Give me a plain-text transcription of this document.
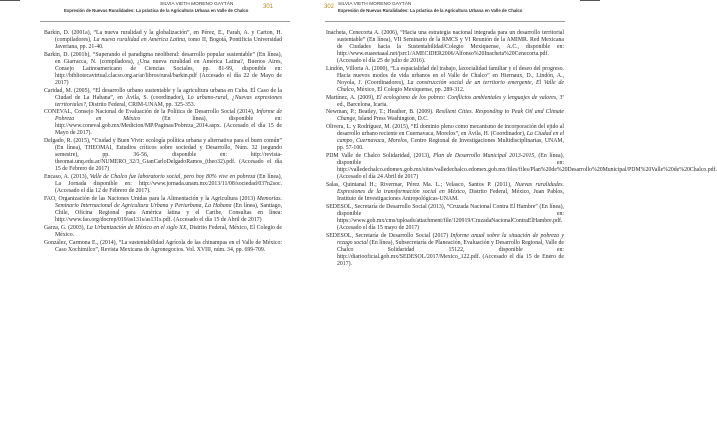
SILVIA VIETH MORENO GAYTÁN
Expresión de Nuevas Ruralidades: La práctica de la Agricultura Urbana en Valle de Chalco
301	302 SILVIA VIETH MORENO GAYTÁN
Expresión de Nuevas Ruralidades: La práctica de la Agricultura Urbana en Valle de Chalco
Barkin, D. (2001a), “La nueva ruralidad y la globalización”, en Pérez, E., Farah, A. y Carton, H. (compiladores), La nueva ruralidad en América Latina, tomo II, Bogotá, Pontificia Universidad Javeriana, pp. 21-40.
Barkin, D. (2001b), “Superando el paradigma neoliberal: desarrollo popular sustentable” (En línea), en Giarracca, N. (compiladora), ¿Una nueva ruralidad en América Latina?, Buenos Aires, Consejo Latinoamericano de Ciencias Sociales, pp. 81-99, disponible en: http://bibliotecavirtual.clacso.org.ar/ar/libros/rural/barkin.pdf (Accesado el día 22 de Mayo de 2017)
Caridad, M. (2005), “El desarrollo urbano sustentable y la agricultura urbana en Cuba. El Caso de la Ciudad de La Habana”, en Ávila, S. (coordinador), Lo urbano-rural, ¿Nuevas expresiones territoriales?, Distrito Federal, CRIM-UNAM, pp. 325-353.
CONEVAL, Consejo Nacional de Evaluación de la Política de Desarrollo Social (2014), Informe de Pobreza en México (En línea), disponible en: http://www.coneval.gob.mx/Medicion/MP/Paginas/Pobreza_2014.aspx. (Accesado el día 15 de Mayo de 2017).
Delgado, R. (2015), “Ciudad y Buen Vivir: ecología política urbana y alternativa para el buen común” (En línea), THEOMAI, Estudios críticos sobre sociedad y Desarrollo, Núm. 32 (segundo semestre), pp. 36-56, disponible en: http://revista-theomai.unq.edu.ar/NUMERO_32/3_GianCarloDelgadoRamos_(theo32).pdf. (Accesado el día 15 de Febrero de 2017)
Encaso, A. (2013), Valle de Chalco fue laboratorio social, pero hoy 80% vive en pobreza (En línea), La Jornada disponible en: http://www.jornada.unam.mx/2013/11/08/sociedad/037n2soc. (Accesado el día 12 de Febrero de 2017).
FAO, Organización de las Naciones Unidas para la Alimentación y la Agricultura (2013) Memorias. Seminario Internacional de Agricultura Urbana y Periurbana, La Habana (En línea), Santiago, Chile, Oficina Regional para América latina y el Caribe, Consultas en línea: http://www.fao.org/docrep/019/as131s/as131s.pdf. (Accesado el día 15 de Abril de 2017)
Garza, G. (2003), La Urbanización de México en el siglo XX, Distrito Federal, México, El Colegio de México.
González, Carmona E., (2014), “La sustentabilidad Agrícola de las chinampas en el Valle de México: Caso Xochimilco”, Revista Mexicana de Agronegocios. Vol. XVIII, núm. 34, pp. 699-709.
Inacheta, Cenecorta A. (2006), “Hacia una estrategia nacional integrada para un desarrollo territorial sustentable” (En línea), VII Seminario de la RMCS y VI Reunión de la AMIMR. Red Mexicana de Ciudades hacia la Sustentabilidad/Colegio Mexiquense, A.C., disponible en: http://www.euaeetaaal.net/jsrc1/AMECIDER2006/Alfonso%20Inacheta%20Cenecorta.pdf. (Accesado el día 25 de julio de 2016).
Lindón, Villoria A. (2000), “La espacialidad del trabajo, laxocialidad familiar y el deseo del progreso. Hacia nuevos modos de vida urbanos en el Valle de Chalco” en Hiernaux, D., Lindón, A., Noyola, J. (Coordinadores), La construcción social de un territorio emergente, El Valle de Chalco, México, El Colegio Mexiquense, pp. 289-312.
Martínez, A. (2009), El ecologismo de los pobres: Conflictos ambientales y lenguajes de valores, 3ª ed., Barcelona, Icaria.
Newman, P.; Beatley, T.; Heather, B. (2009). Resilient Cities. Responding to Peak Oil and Climate Change, Island Press Washington, D.C.
Olivera, L. y Rodríguez, M. (2015), “El dominio pleno como mecanismo de incorporación del ejido al desarrollo urbano reciente en Cuernavaca, Morelos”, en Ávila, H. (Coordinador), La Ciudad en el campo, Cuernavaca, Morelos, Centro Regional de Investigaciones Multidisciplinarias, UNAM, pp. 57-100.
PDM Valle de Chalco Solidaridad, (2013), Plan de Desarrollo Municipal 2013-2015, (En línea), disponible en: http://valledechalco.edomex.gob.mx/sites/valledechalco.edomex.gob.mx/files/files/Plan%20de%20Desarrollo%20Municipal/PDM%20Valle%20de%20Chalco.pdf. (Accesado el día 24 Abril de 2017)
Salas, Quintanal H.; Rivermar, Pérez Ma. L.; Velasco, Santos P. (2011), Nuevas ruralidades. Expresiones de la transformación social en México, Distrito Federal, México, Juan Pablos, Instituto de Investigaciones Antropológicas-UNAM.
SEDESOL, Secretaría de Desarrollo Social (2013), “Cruzada Nacional Contra El Hambre” (En línea), disponible en: https://www.gob.mx/cms/uploads/attachment/file/120919/CruzadaNacionalContraElHambre.pdf. (Accesado el día 15 mayo de 2017)
SEDESOL, Secretaría de Desarrollo Social (2017) Informe anual sobre la situación de pobreza y rezago social (En línea), Subsecretaría de Planeación, Evaluación y Desarrollo Regional, Valle de Chalco Solidaridad 15122, disponible en: http://diariooficial.gob.mx/SEDESOL/2017/Mexico_122.pdf. (Accesado el día 15 de Enero de 2017).
